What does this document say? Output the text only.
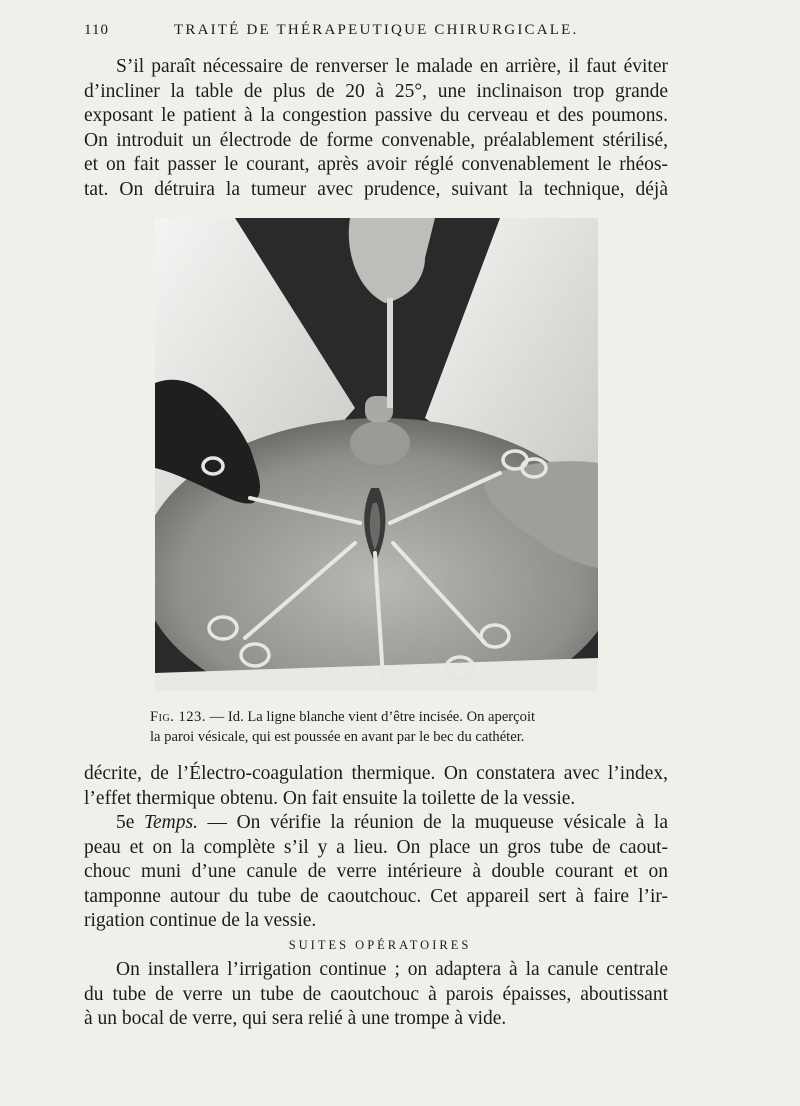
110	TRAITÉ DE THÉRAPEUTIQUE CHIRURGICALE.

S’il paraît nécessaire de renverser le malade en arrière, il faut éviter
d’incliner la table de plus de 20 à 25°, une inclinaison trop grande
exposant le patient à la congestion passive du cerveau et des poumons.
On introduit un électrode de forme convenable, préalablement stérilisé,
et on fait passer le courant, après avoir réglé convenablement le rhéos-
tat. On détruira la tumeur avec prudence, suivant la technique, déjà

Fig. 123. — Id. La ligne blanche vient d’être incisée. On aperçoit
la paroi vésicale, qui est poussée en avant par le bec du cathéter.

décrite, de l’Électro-coagulation thermique. On constatera avec l’index,
l’effet thermique obtenu. On fait ensuite la toilette de la vessie.

5e Temps. — On vérifie la réunion de la muqueuse vésicale à la
peau et on la complète s’il y a lieu. On place un gros tube de caout-
chouc muni d’une canule de verre intérieure à double courant et on
tamponne autour du tube de caoutchouc. Cet appareil sert à faire l’ir-
rigation continue de la vessie.

SUITES OPÉRATOIRES

On installera l’irrigation continue ; on adaptera à la canule centrale
du tube de verre un tube de caoutchouc à parois épaisses, aboutissant
à un bocal de verre, qui sera relié à une trompe à vide.
